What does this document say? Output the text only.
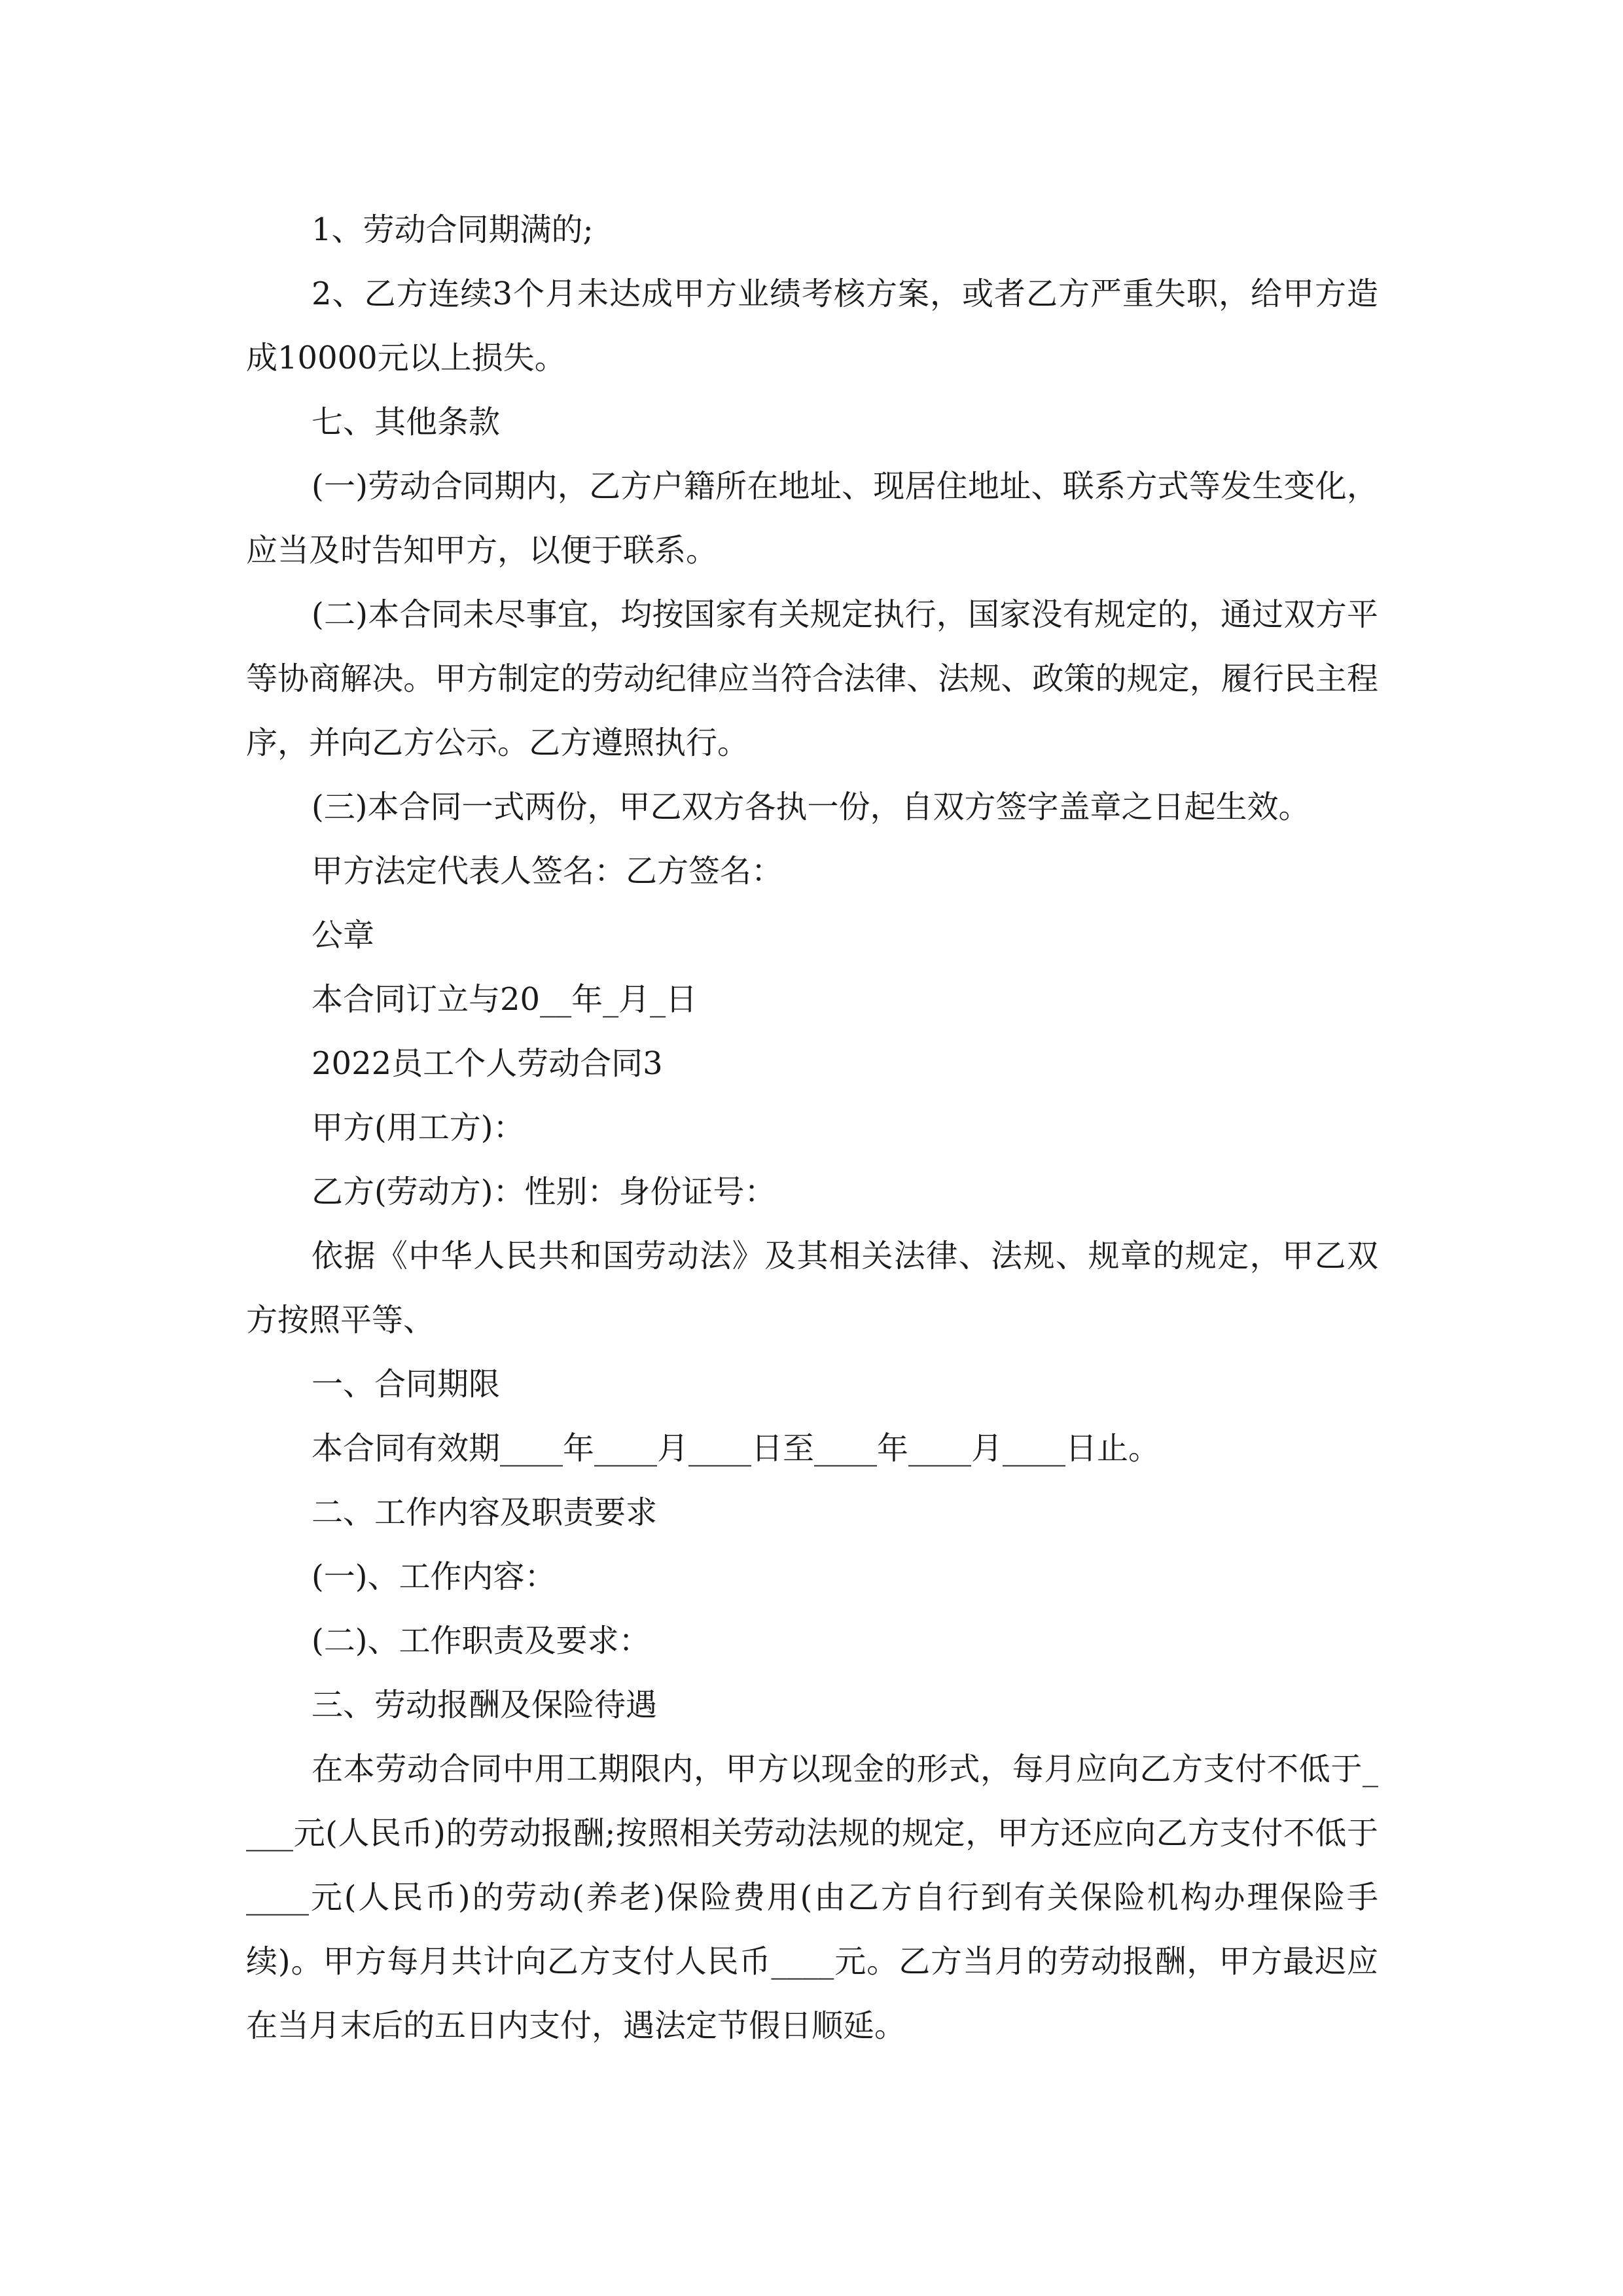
1、劳动合同期满的;

2、乙方连续3个月未达成甲方业绩考核方案，或者乙方严重失职，给甲方造成10000元以上损失。

七、其他条款

(一)劳动合同期内，乙方户籍所在地址、现居住地址、联系方式等发生变化，应当及时告知甲方，以便于联系。

(二)本合同未尽事宜，均按国家有关规定执行，国家没有规定的，通过双方平等协商解决。甲方制定的劳动纪律应当符合法律、法规、政策的规定，履行民主程序，并向乙方公示。乙方遵照执行。

(三)本合同一式两份，甲乙双方各执一份，自双方签字盖章之日起生效。

甲方法定代表人签名：乙方签名：

公章

本合同订立与20__年_月_日

2022员工个人劳动合同3

甲方(用工方)：

乙方(劳动方)：性别：身份证号：

依据《中华人民共和国劳动法》及其相关法律、法规、规章的规定，甲乙双方按照平等、

一、合同期限

本合同有效期____年____月____日至____年____月____日止。

二、工作内容及职责要求

(一)、工作内容：

(二)、工作职责及要求：

三、劳动报酬及保险待遇

在本劳动合同中用工期限内，甲方以现金的形式，每月应向乙方支付不低于____元(人民币)的劳动报酬;按照相关劳动法规的规定，甲方还应向乙方支付不低于____元(人民币)的劳动(养老)保险费用(由乙方自行到有关保险机构办理保险手续)。甲方每月共计向乙方支付人民币____元。乙方当月的劳动报酬，甲方最迟应在当月末后的五日内支付，遇法定节假日顺延。
